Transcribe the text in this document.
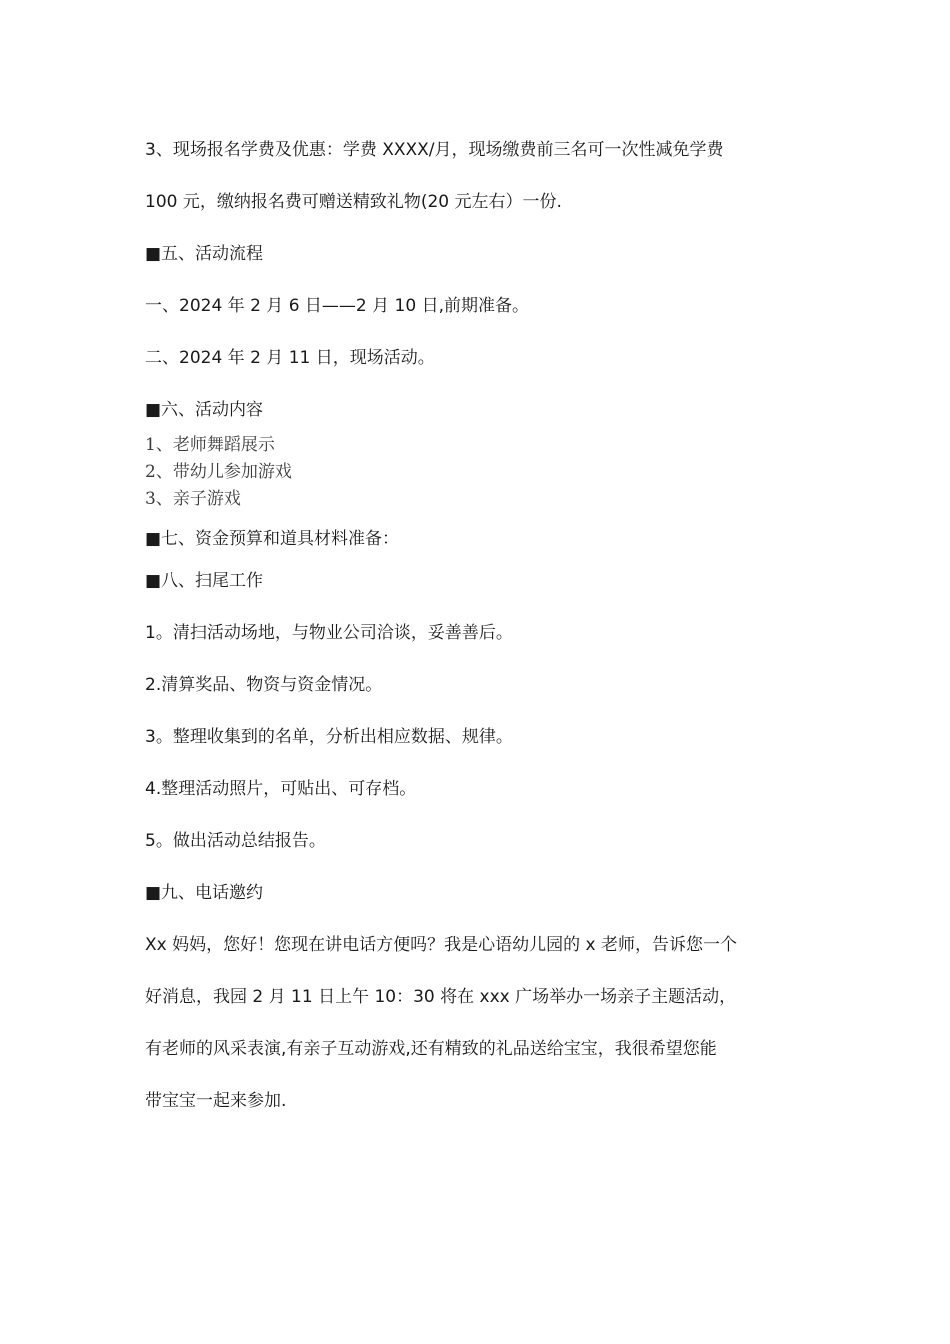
3、现场报名学费及优惠：学费 XXXX/月，现场缴费前三名可一次性减免学费
100 元，缴纳报名费可赠送精致礼物(20 元左右）一份.
■五、活动流程
一、2024 年 2 月 6 日——2 月 10 日,前期准备。
二、2024 年 2 月 11 日，现场活动。
■六、活动内容
1、老师舞蹈展示
2、带幼儿参加游戏
3、亲子游戏
■七、资金预算和道具材料准备：
■八、扫尾工作
1。清扫活动场地，与物业公司洽谈，妥善善后。
2.清算奖品、物资与资金情况。
3。整理收集到的名单，分析出相应数据、规律。
4.整理活动照片，可贴出、可存档。
5。做出活动总结报告。
■九、电话邀约
Xx 妈妈，您好！您现在讲电话方便吗？我是心语幼儿园的 x 老师，告诉您一个
好消息，我园 2 月 11 日上午 10：30 将在 xxx 广场举办一场亲子主题活动，
有老师的风采表演,有亲子互动游戏,还有精致的礼品送给宝宝，我很希望您能
带宝宝一起来参加.
